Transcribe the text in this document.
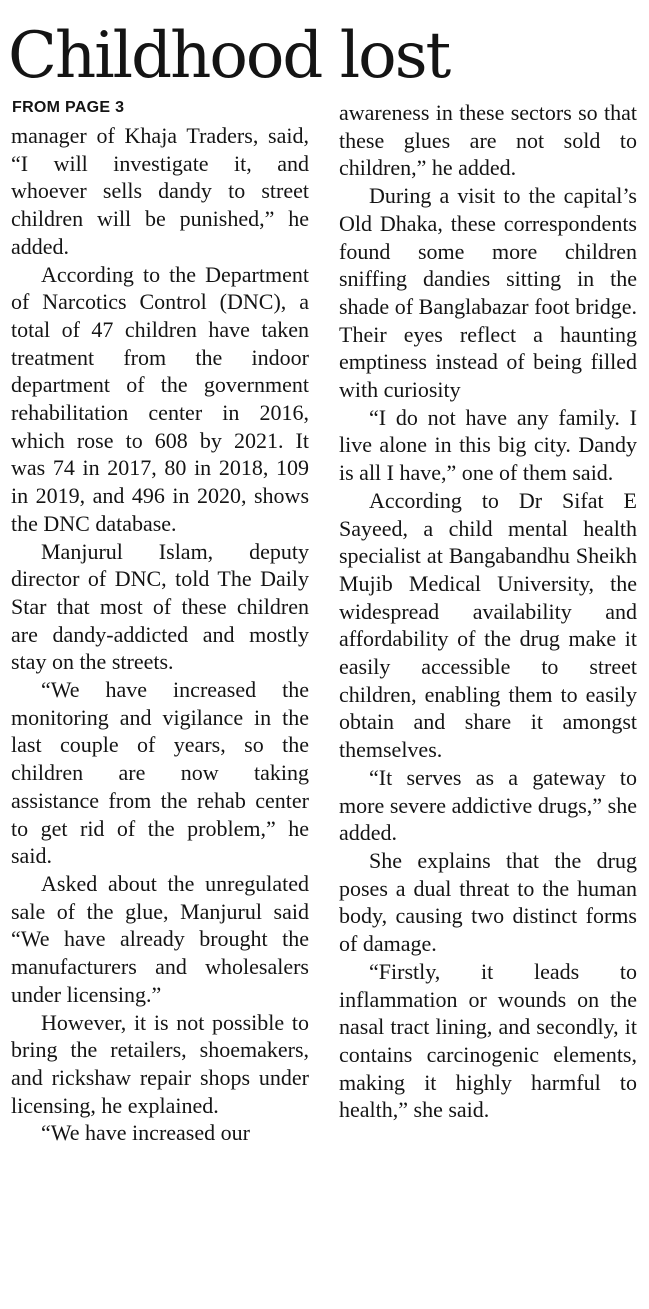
Childhood lost
FROM PAGE 3

manager of Khaja Traders, said, “I will investigate it, and whoever sells dandy to street children will be punished,” he added.

According to the Department of Narcotics Control (DNC), a total of 47 children have taken treatment from the indoor department of the government rehabilitation center in 2016, which rose to 608 by 2021. It was 74 in 2017, 80 in 2018, 109 in 2019, and 496 in 2020, shows the DNC database.

Manjurul Islam, deputy director of DNC, told The Daily Star that most of these children are dandy-addicted and mostly stay on the streets.

“We have increased the monitoring and vigilance in the last couple of years, so the children are now taking assistance from the rehab center to get rid of the problem,” he said.

Asked about the unregulated sale of the glue, Manjurul said “We have already brought the manufacturers and wholesalers under licensing.”

However, it is not possible to bring the retailers, shoemakers, and rickshaw repair shops under licensing, he explained.

“We have increased our

awareness in these sectors so that these glues are not sold to children,” he added.

During a visit to the capital’s Old Dhaka, these correspondents found some more children sniffing dandies sitting in the shade of Banglabazar foot bridge. Their eyes reflect a haunting emptiness instead of being filled with curiosity

“I do not have any family. I live alone in this big city. Dandy is all I have,” one of them said.

According to Dr Sifat E Sayeed, a child mental health specialist at Bangabandhu Sheikh Mujib Medical University, the widespread availability and affordability of the drug make it easily accessible to street children, enabling them to easily obtain and share it amongst themselves.

“It serves as a gateway to more severe addictive drugs,” she added.

She explains that the drug poses a dual threat to the human body, causing two distinct forms of damage.

“Firstly, it leads to inflammation or wounds on the nasal tract lining, and secondly, it contains carcinogenic elements, making it highly harmful to health,” she said.
